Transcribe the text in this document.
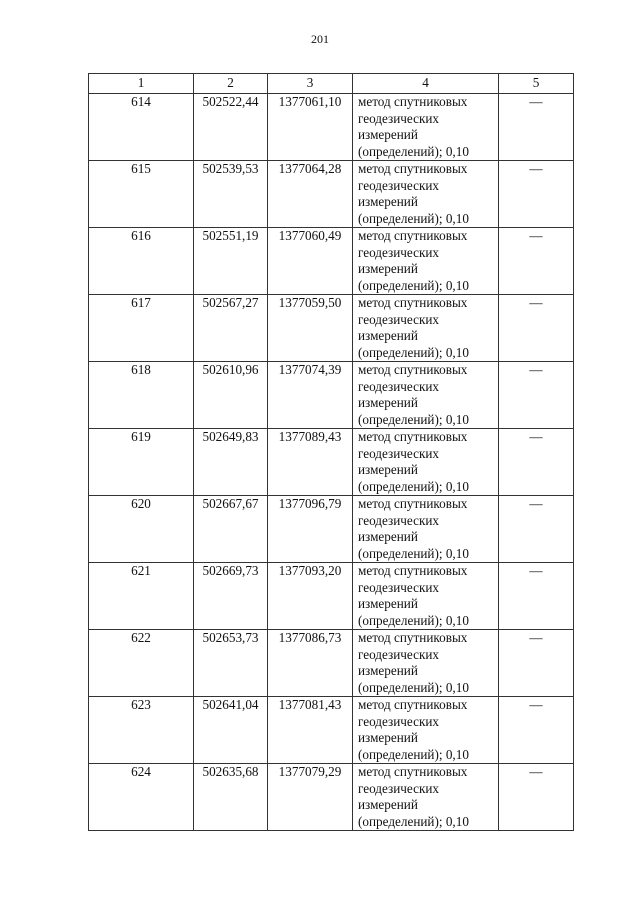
201
1	2	3	4	5
614	502522,44	1377061,10	метод спутниковых геодезических измерений (определений); 0,10	—
615	502539,53	1377064,28	метод спутниковых геодезических измерений (определений); 0,10	—
616	502551,19	1377060,49	метод спутниковых геодезических измерений (определений); 0,10	—
617	502567,27	1377059,50	метод спутниковых геодезических измерений (определений); 0,10	—
618	502610,96	1377074,39	метод спутниковых геодезических измерений (определений); 0,10	—
619	502649,83	1377089,43	метод спутниковых геодезических измерений (определений); 0,10	—
620	502667,67	1377096,79	метод спутниковых геодезических измерений (определений); 0,10	—
621	502669,73	1377093,20	метод спутниковых геодезических измерений (определений); 0,10	—
622	502653,73	1377086,73	метод спутниковых геодезических измерений (определений); 0,10	—
623	502641,04	1377081,43	метод спутниковых геодезических измерений (определений); 0,10	—
624	502635,68	1377079,29	метод спутниковых геодезических измерений (определений); 0,10	—
